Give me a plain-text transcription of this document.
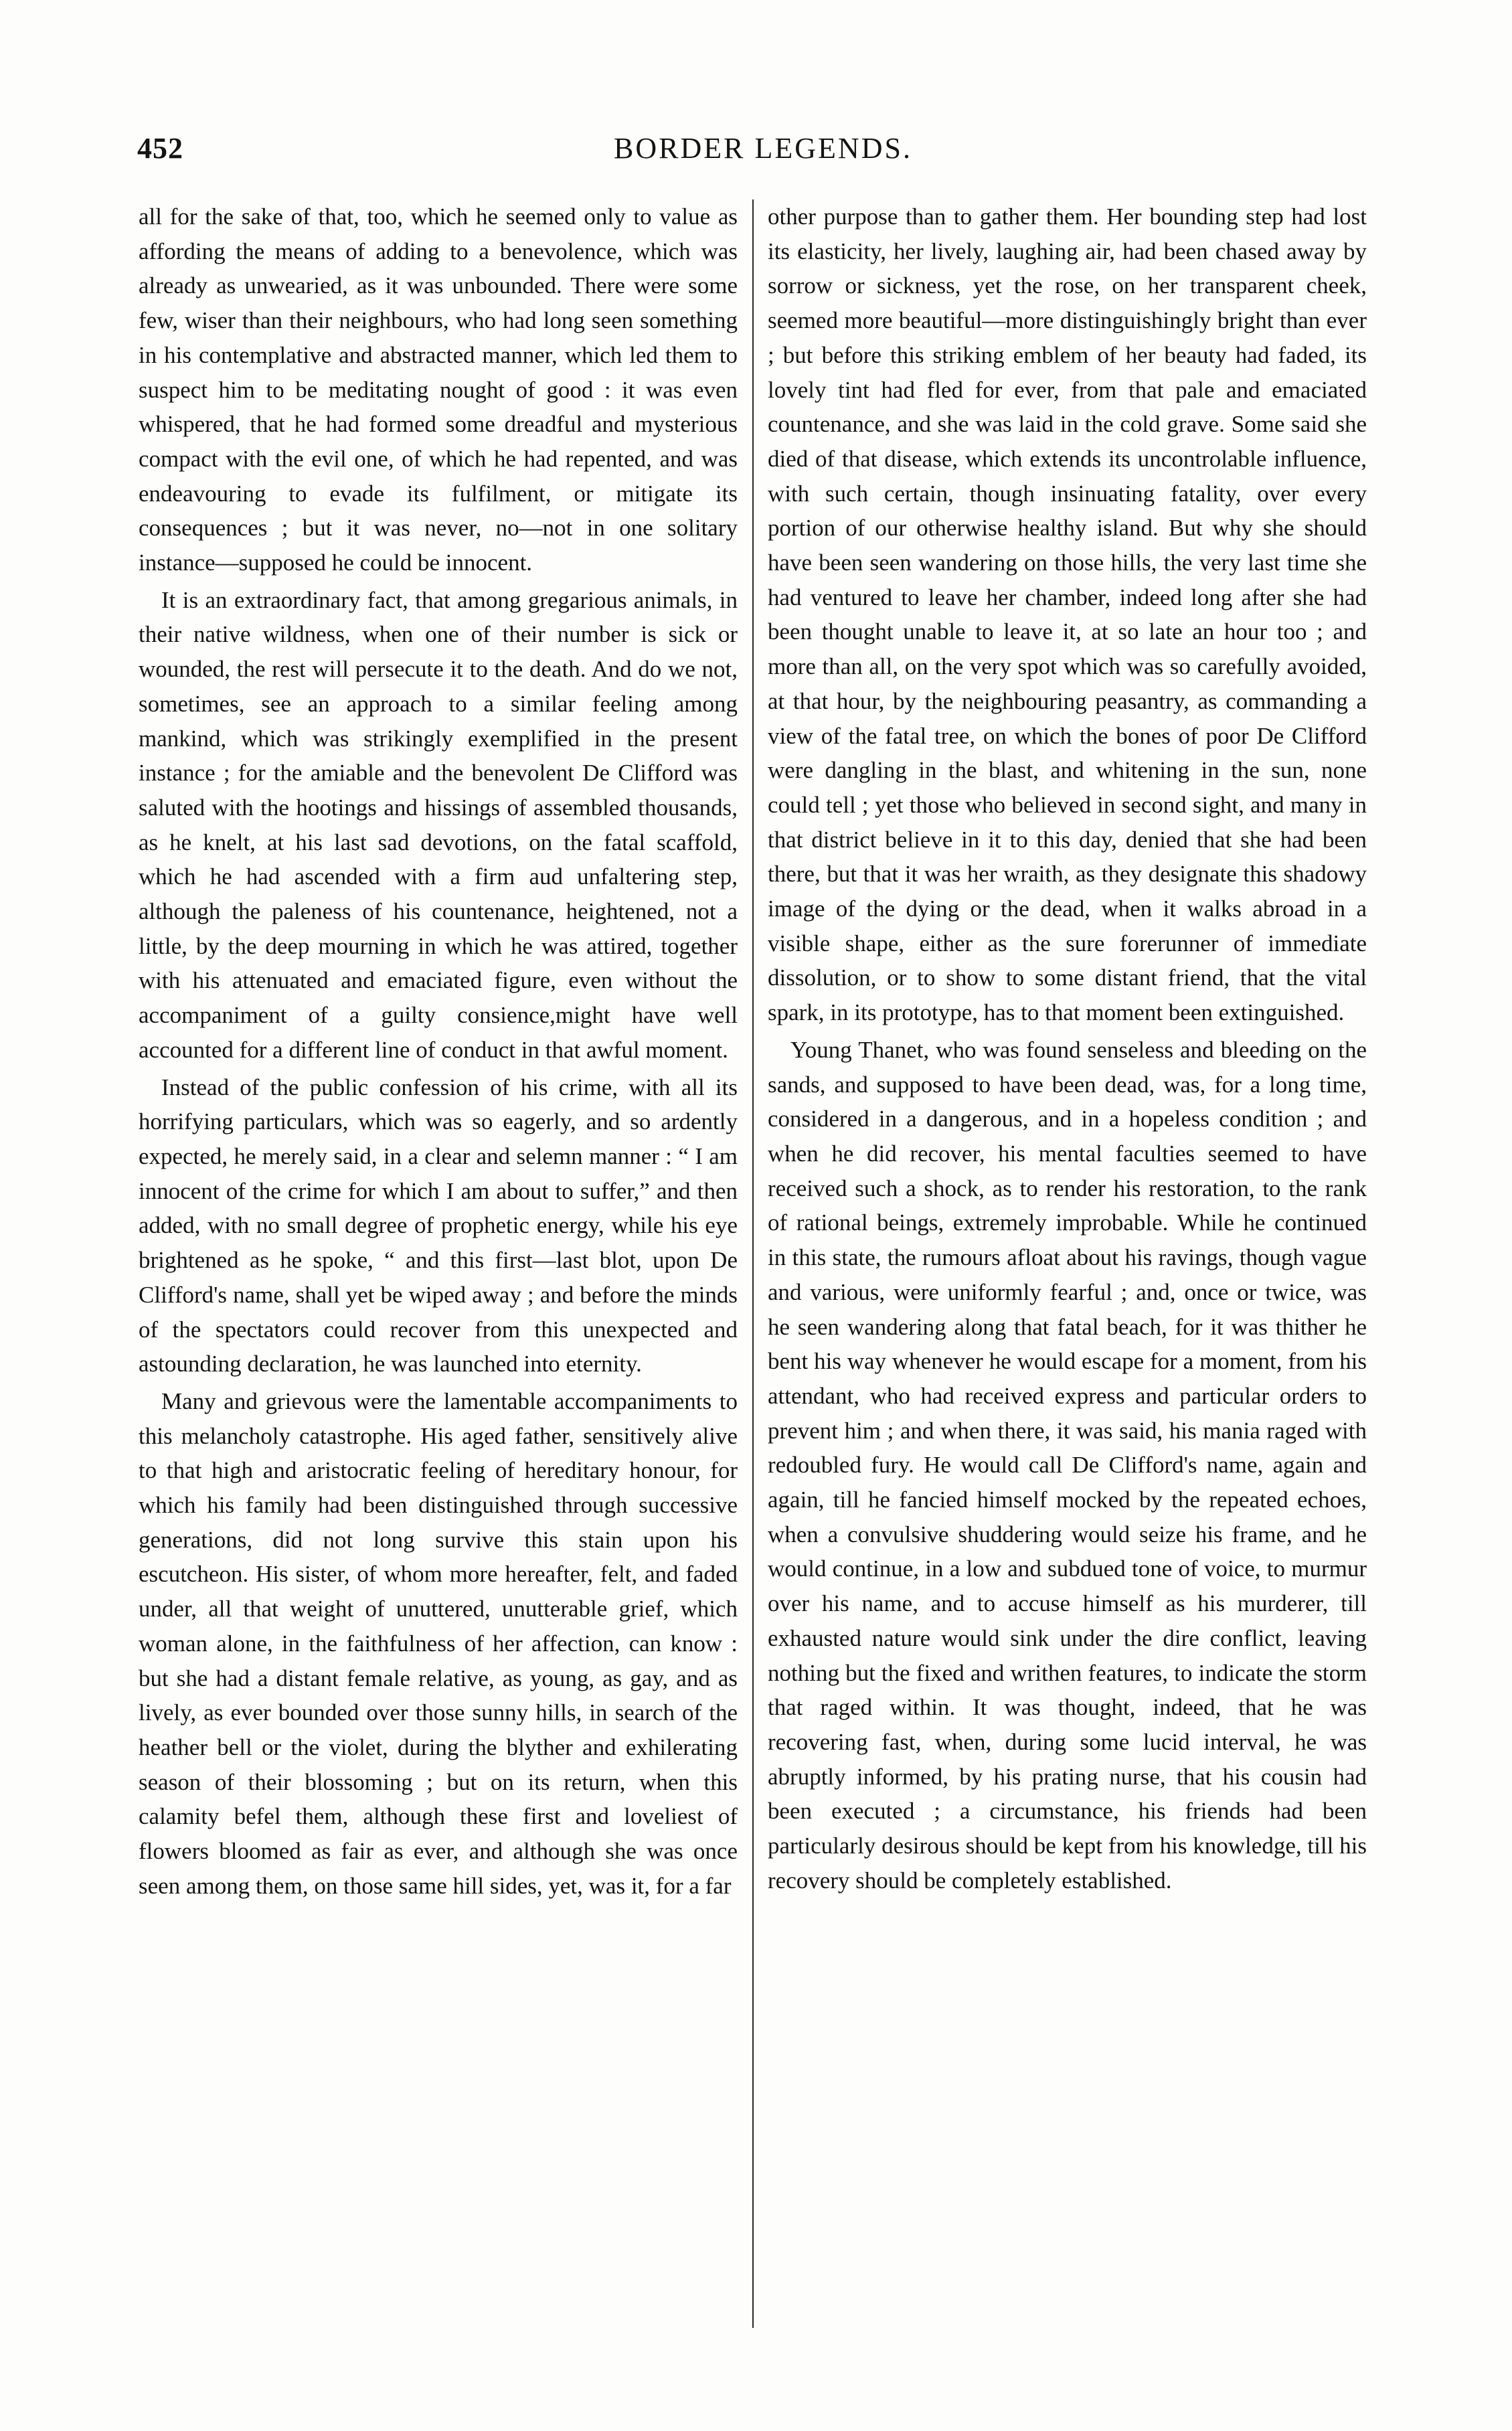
452	BORDER LEGENDS.

all for the sake of that, too, which he seemed only to value as affording the means of adding to a benevolence, which was already as unwearied, as it was unbounded. There were some few, wiser than their neighbours, who had long seen something in his contemplative and abstracted manner, which led them to suspect him to be meditating nought of good : it was even whispered, that he had formed some dreadful and mysterious compact with the evil one, of which he had repented, and was endeavouring to evade its fulfilment, or mitigate its consequences ; but it was never, no—not in one solitary instance—supposed he could be innocent.

It is an extraordinary fact, that among gregarious animals, in their native wildness, when one of their number is sick or wounded, the rest will persecute it to the death. And do we not, sometimes, see an approach to a similar feeling among mankind, which was strikingly exemplified in the present instance ; for the amiable and the benevolent De Clifford was saluted with the hootings and hissings of assembled thousands, as he knelt, at his last sad devotions, on the fatal scaffold, which he had ascended with a firm aud unfaltering step, although the paleness of his countenance, heightened, not a little, by the deep mourning in which he was attired, together with his attenuated and emaciated figure, even without the accompaniment of a guilty consience,might have well accounted for a different line of conduct in that awful moment.

Instead of the public confession of his crime, with all its horrifying particulars, which was so eagerly, and so ardently expected, he merely said, in a clear and selemn manner : “ I am innocent of the crime for which I am about to suffer,” and then added, with no small degree of prophetic energy, while his eye brightened as he spoke, “ and this first—last blot, upon De Clifford's name, shall yet be wiped away ; and before the minds of the spectators could recover from this unexpected and astounding declaration, he was launched into eternity.

Many and grievous were the lamentable accompaniments to this melancholy catastrophe. His aged father, sensitively alive to that high and aristocratic feeling of hereditary honour, for which his family had been distinguished through successive generations, did not long survive this stain upon his escutcheon. His sister, of whom more hereafter, felt, and faded under, all that weight of unuttered, unutterable grief, which woman alone, in the faithfulness of her affection, can know : but she had a distant female relative, as young, as gay, and as lively, as ever bounded over those sunny hills, in search of the heather bell or the violet, during the blyther and exhilerating season of their blossoming ; but on its return, when this calamity befel them, although these first and loveliest of flowers bloomed as fair as ever, and although she was once seen among them, on those same hill sides, yet, was it, for a far

other purpose than to gather them. Her bounding step had lost its elasticity, her lively, laughing air, had been chased away by sorrow or sickness, yet the rose, on her transparent cheek, seemed more beautiful—more distinguishingly bright than ever ; but before this striking emblem of her beauty had faded, its lovely tint had fled for ever, from that pale and emaciated countenance, and she was laid in the cold grave. Some said she died of that disease, which extends its uncontrolable influence, with such certain, though insinuating fatality, over every portion of our otherwise healthy island. But why she should have been seen wandering on those hills, the very last time she had ventured to leave her chamber, indeed long after she had been thought unable to leave it, at so late an hour too ; and more than all, on the very spot which was so carefully avoided, at that hour, by the neighbouring peasantry, as commanding a view of the fatal tree, on which the bones of poor De Clifford were dangling in the blast, and whitening in the sun, none could tell ; yet those who believed in second sight, and many in that district believe in it to this day, denied that she had been there, but that it was her wraith, as they designate this shadowy image of the dying or the dead, when it walks abroad in a visible shape, either as the sure forerunner of immediate dissolution, or to show to some distant friend, that the vital spark, in its prototype, has to that moment been extinguished.

Young Thanet, who was found senseless and bleeding on the sands, and supposed to have been dead, was, for a long time, considered in a dangerous, and in a hopeless condition ; and when he did recover, his mental faculties seemed to have received such a shock, as to render his restoration, to the rank of rational beings, extremely improbable. While he continued in this state, the rumours afloat about his ravings, though vague and various, were uniformly fearful ; and, once or twice, was he seen wandering along that fatal beach, for it was thither he bent his way whenever he would escape for a moment, from his attendant, who had received express and particular orders to prevent him ; and when there, it was said, his mania raged with redoubled fury. He would call De Clifford's name, again and again, till he fancied himself mocked by the repeated echoes, when a convulsive shuddering would seize his frame, and he would continue, in a low and subdued tone of voice, to murmur over his name, and to accuse himself as his murderer, till exhausted nature would sink under the dire conflict, leaving nothing but the fixed and writhen features, to indicate the storm that raged within. It was thought, indeed, that he was recovering fast, when, during some lucid interval, he was abruptly informed, by his prating nurse, that his cousin had been executed ; a circumstance, his friends had been particularly desirous should be kept from his knowledge, till his recovery should be completely established.
